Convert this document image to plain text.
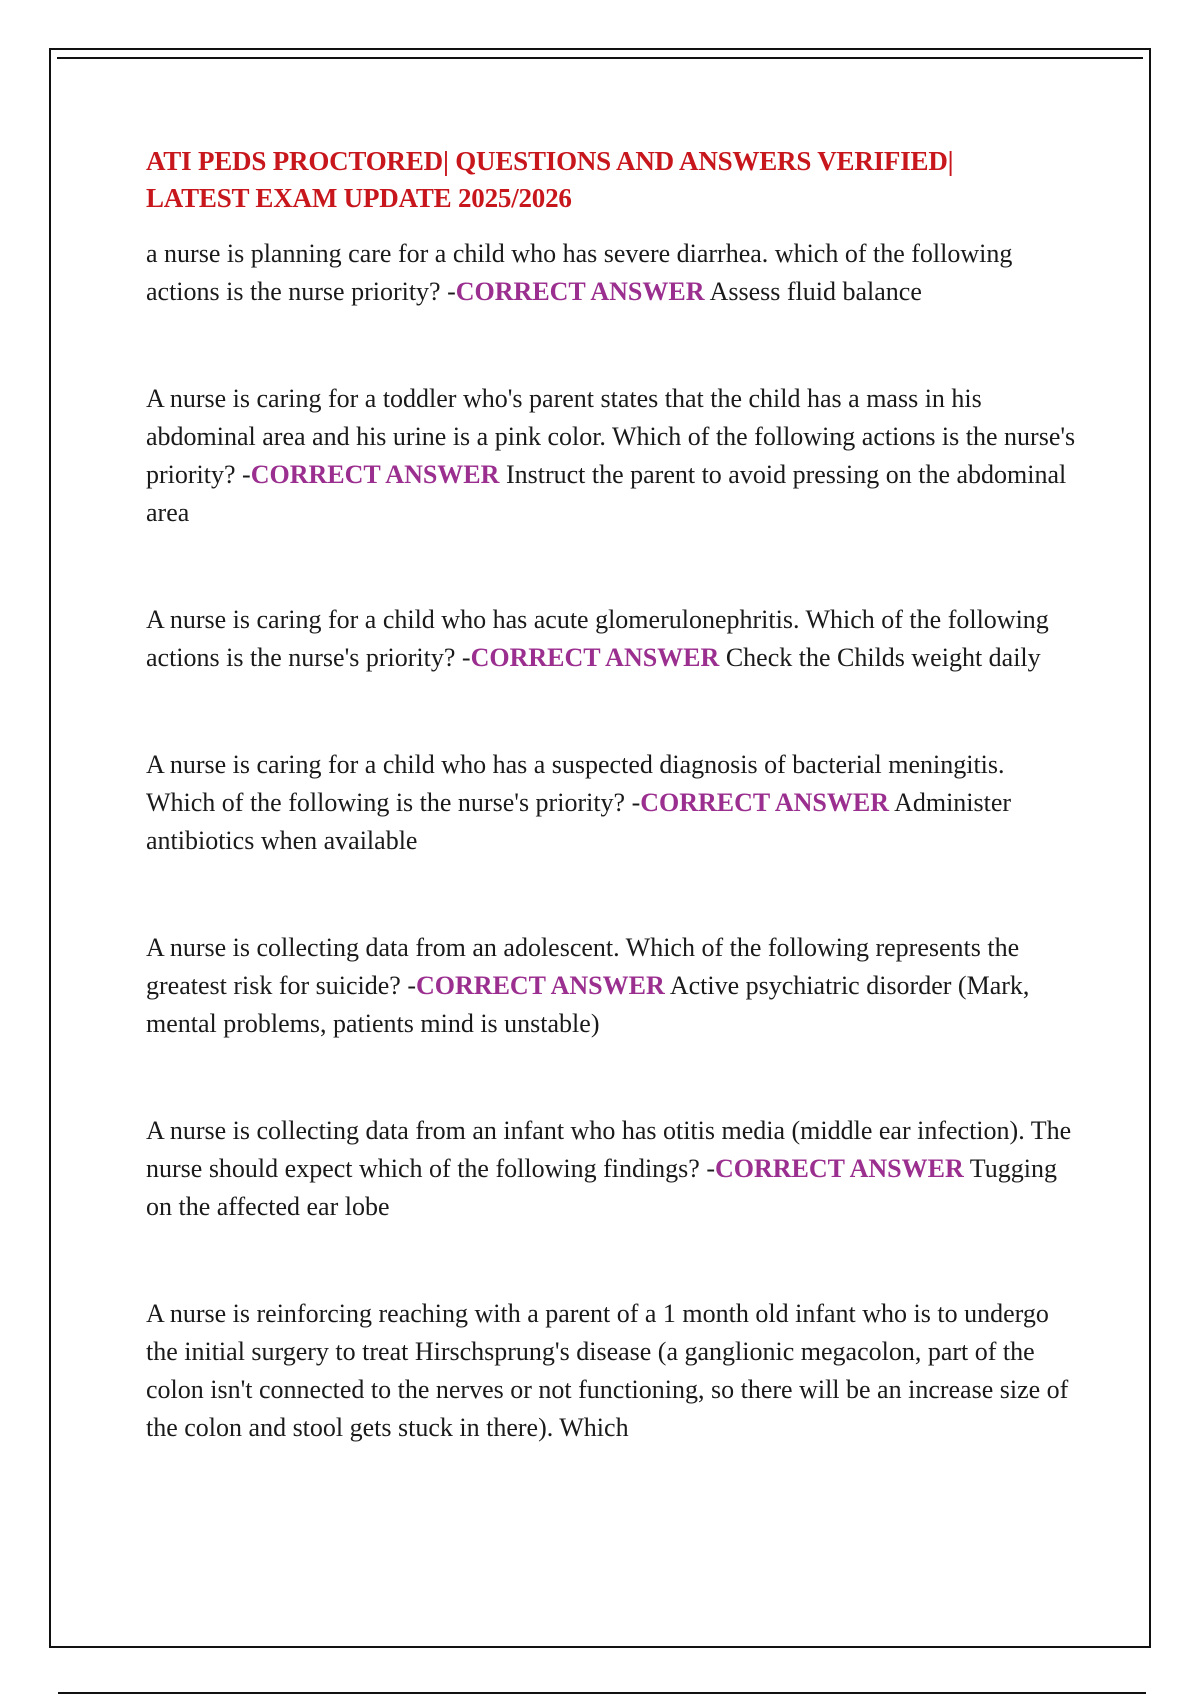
ATI PEDS PROCTORED| QUESTIONS AND ANSWERS VERIFIED|
LATEST EXAM UPDATE 2025/2026

a nurse is planning care for a child who has severe diarrhea. which of the following actions is the nurse priority? -CORRECT ANSWER Assess fluid balance

A nurse is caring for a toddler who's parent states that the child has a mass in his abdominal area and his urine is a pink color. Which of the following actions is the nurse's priority? -CORRECT ANSWER Instruct the parent to avoid pressing on the abdominal area

A nurse is caring for a child who has acute glomerulonephritis. Which of the following actions is the nurse's priority? -CORRECT ANSWER Check the Childs weight daily

A nurse is caring for a child who has a suspected diagnosis of bacterial meningitis. Which of the following is the nurse's priority? -CORRECT ANSWER Administer antibiotics when available

A nurse is collecting data from an adolescent. Which of the following represents the greatest risk for suicide? -CORRECT ANSWER Active psychiatric disorder (Mark, mental problems, patients mind is unstable)

A nurse is collecting data from an infant who has otitis media (middle ear infection). The nurse should expect which of the following findings? -CORRECT ANSWER Tugging on the affected ear lobe

A nurse is reinforcing reaching with a parent of a 1 month old infant who is to undergo the initial surgery to treat Hirschsprung's disease (a ganglionic megacolon, part of the colon isn't connected to the nerves or not functioning, so there will be an increase size of the colon and stool gets stuck in there). Which
